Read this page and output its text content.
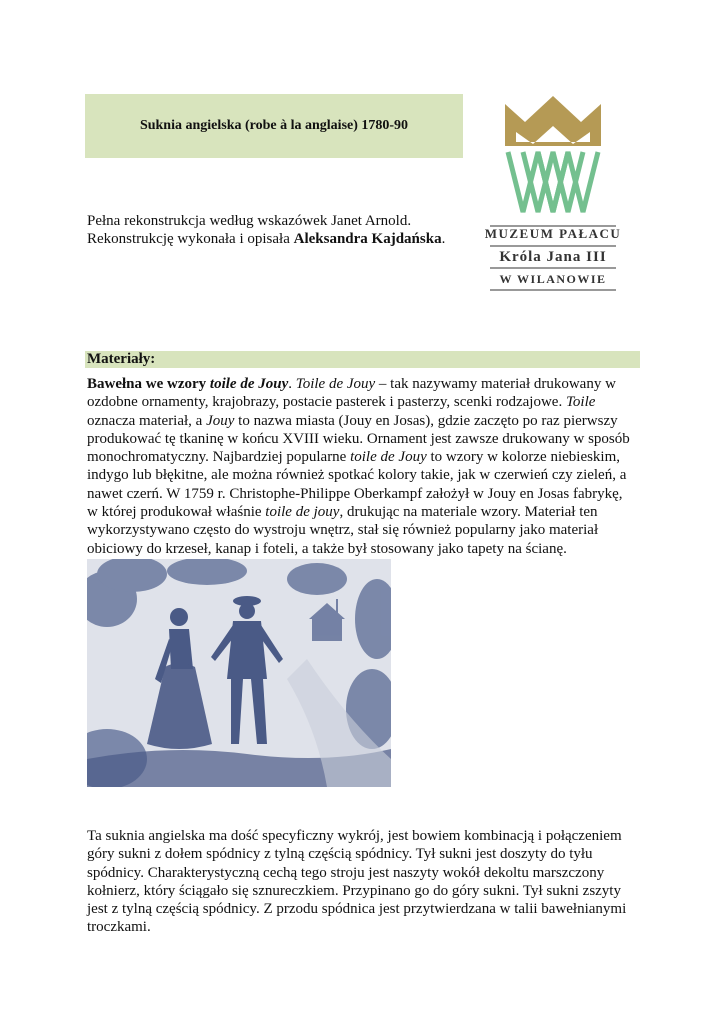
Suknia angielska (robe à la anglaise) 1780-90
MUZEUM PAŁACU
Króla Jana III
W WILANOWIE

Pełna rekonstrukcja według wskazówek Janet Arnold.

Rekonstrukcję wykonała i opisała Aleksandra Kajdańska.

Materiały:

Bawełna we wzory toile de Jouy. Toile de Jouy – tak nazywamy materiał drukowany w ozdobne ornamenty, krajobrazy, postacie pasterek i pasterzy, scenki rodzajowe. Toile oznacza materiał, a Jouy to nazwa miasta (Jouy en Josas), gdzie zaczęto po raz pierwszy produkować tę tkaninę w końcu XVIII wieku. Ornament jest zawsze drukowany w sposób monochromatyczny. Najbardziej popularne toile de Jouy to wzory w kolorze niebieskim, indygo lub błękitne, ale można również spotkać kolory takie, jak w czerwień czy zieleń, a nawet czerń. W 1759 r. Christophe-Philippe Oberkampf założył w Jouy en Josas fabrykę, w której produkował właśnie toile de jouy, drukując na materiale wzory. Materiał ten wykorzystywano często do wystroju wnętrz, stał się również popularny jako materiał obiciowy do krzeseł, kanap i foteli, a także był stosowany jako tapety na ścianę.

Ta suknia angielska ma dość specyficzny wykrój, jest bowiem kombinacją i połączeniem góry sukni z dołem spódnicy z tylną częścią spódnicy. Tył sukni jest doszyty do tyłu spódnicy. Charakterystyczną cechą tego stroju jest naszyty wokół dekoltu marszczony kołnierz, który ściągało się sznureczkiem. Przypinano go do góry sukni. Tył sukni zszyty jest z tylną częścią spódnicy. Z przodu spódnica jest przytwierdzana w talii bawełnianymi troczkami.
